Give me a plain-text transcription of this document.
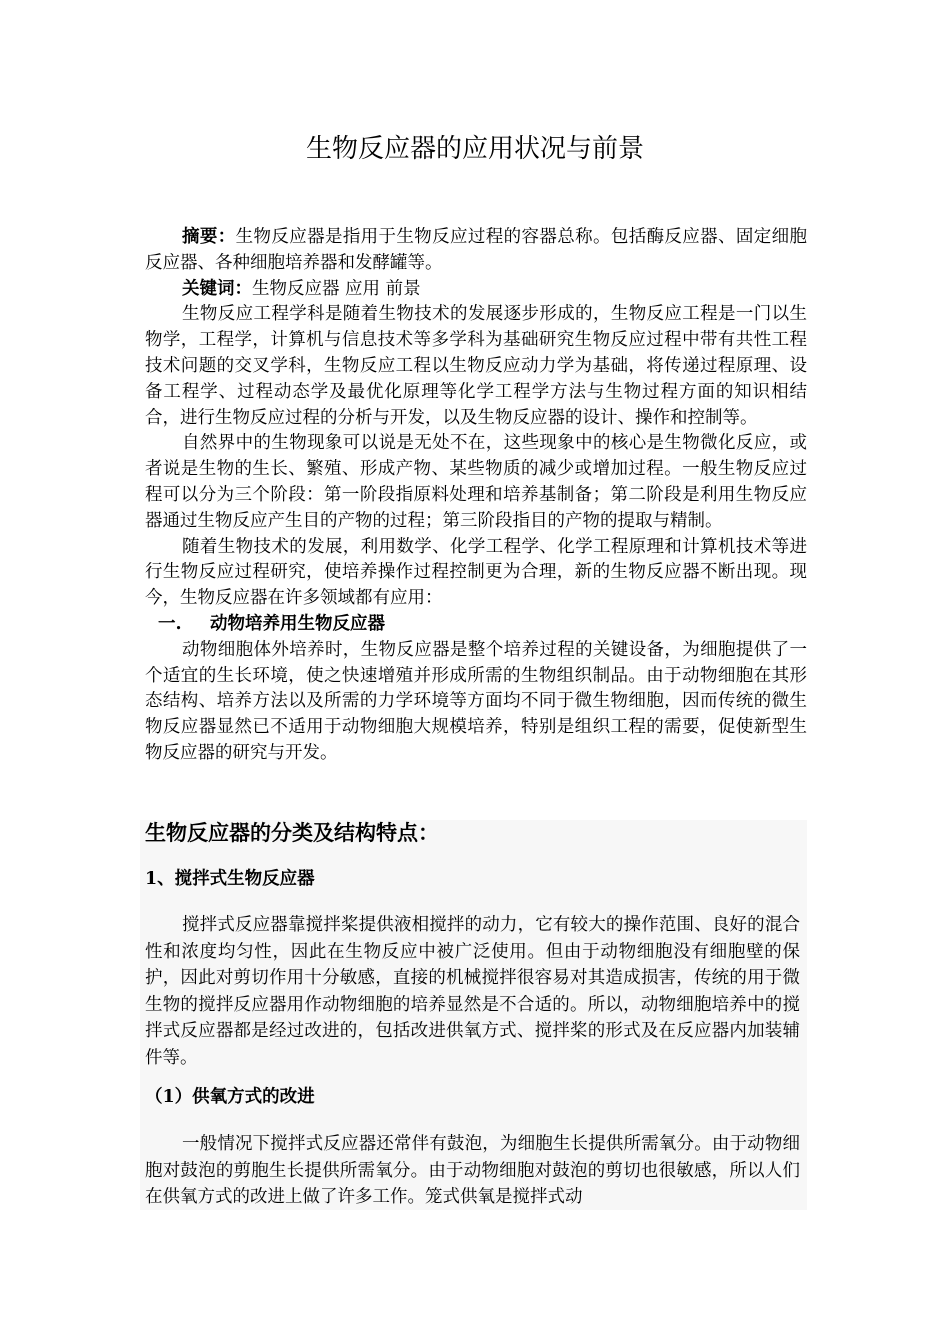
生物反应器的应用状况与前景

摘要：生物反应器是指用于生物反应过程的容器总称。包括酶反应器、固定细胞反应器、各种细胞培养器和发酵罐等。

关键词：生物反应器 应用 前景

生物反应工程学科是随着生物技术的发展逐步形成的，生物反应工程是一门以生物学，工程学，计算机与信息技术等多学科为基础研究生物反应过程中带有共性工程技术问题的交叉学科，生物反应工程以生物反应动力学为基础，将传递过程原理、设备工程学、过程动态学及最优化原理等化学工程学方法与生物过程方面的知识相结合，进行生物反应过程的分析与开发，以及生物反应器的设计、操作和控制等。

自然界中的生物现象可以说是无处不在，这些现象中的核心是生物微化反应，或者说是生物的生长、繁殖、形成产物、某些物质的减少或增加过程。一般生物反应过程可以分为三个阶段：第一阶段指原料处理和培养基制备；第二阶段是利用生物反应器通过生物反应产生目的产物的过程；第三阶段指目的产物的提取与精制。

随着生物技术的发展，利用数学、化学工程学、化学工程原理和计算机技术等进行生物反应过程研究，使培养操作过程控制更为合理，新的生物反应器不断出现。现今，生物反应器在许多领域都有应用：

一. 动物培养用生物反应器

动物细胞体外培养时，生物反应器是整个培养过程的关键设备，为细胞提供了一个适宜的生长环境，使之快速增殖并形成所需的生物组织制品。由于动物细胞在其形态结构、培养方法以及所需的力学环境等方面均不同于微生物细胞，因而传统的微生物反应器显然已不适用于动物细胞大规模培养，特别是组织工程的需要，促使新型生物反应器的研究与开发。

生物反应器的分类及结构特点：
1、搅拌式生物反应器

搅拌式反应器靠搅拌桨提供液相搅拌的动力，它有较大的操作范围、良好的混合性和浓度均匀性，因此在生物反应中被广泛使用。但由于动物细胞没有细胞壁的保护，因此对剪切作用十分敏感，直接的机械搅拌很容易对其造成损害，传统的用于微生物的搅拌反应器用作动物细胞的培养显然是不合适的。所以，动物细胞培养中的搅拌式反应器都是经过改进的，包括改进供氧方式、搅拌桨的形式及在反应器内加装辅件等。

（1）供氧方式的改进

一般情况下搅拌式反应器还常伴有鼓泡，为细胞生长提供所需氧分。由于动物细胞对鼓泡的剪胞生长提供所需氧分。由于动物细胞对鼓泡的剪切也很敏感，所以人们在供氧方式的改进上做了许多工作。笼式供氧是搅拌式动
